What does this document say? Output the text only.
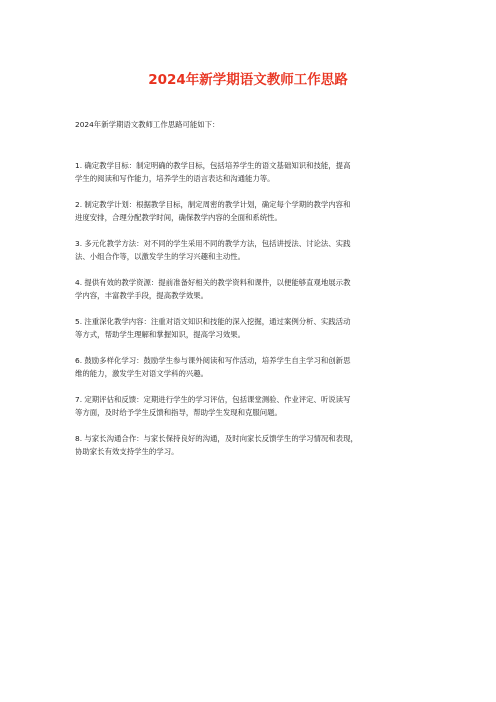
2024年新学期语文教师工作思路
2024年新学期语文教师工作思路可能如下：
1. 确定教学目标：制定明确的教学目标，包括培养学生的语文基础知识和技能，提高
学生的阅读和写作能力，培养学生的语言表达和沟通能力等。
2. 制定教学计划：根据教学目标，制定周密的教学计划，确定每个学期的教学内容和
进度安排，合理分配教学时间，确保教学内容的全面和系统性。
3. 多元化教学方法：对不同的学生采用不同的教学方法，包括讲授法、讨论法、实践
法、小组合作等，以激发学生的学习兴趣和主动性。
4. 提供有效的教学资源：提前准备好相关的教学资料和课件，以便能够直观地展示教
学内容，丰富教学手段，提高教学效果。
5. 注重深化教学内容：注重对语文知识和技能的深入挖掘，通过案例分析、实践活动
等方式，帮助学生理解和掌握知识，提高学习效果。
6. 鼓励多样化学习：鼓励学生参与课外阅读和写作活动，培养学生自主学习和创新思
维的能力，激发学生对语文学科的兴趣。
7. 定期评估和反馈：定期进行学生的学习评估，包括课堂测验、作业评定、听说读写
等方面，及时给予学生反馈和指导，帮助学生发现和克服问题。
8. 与家长沟通合作：与家长保持良好的沟通，及时向家长反馈学生的学习情况和表现，
协助家长有效支持学生的学习。
